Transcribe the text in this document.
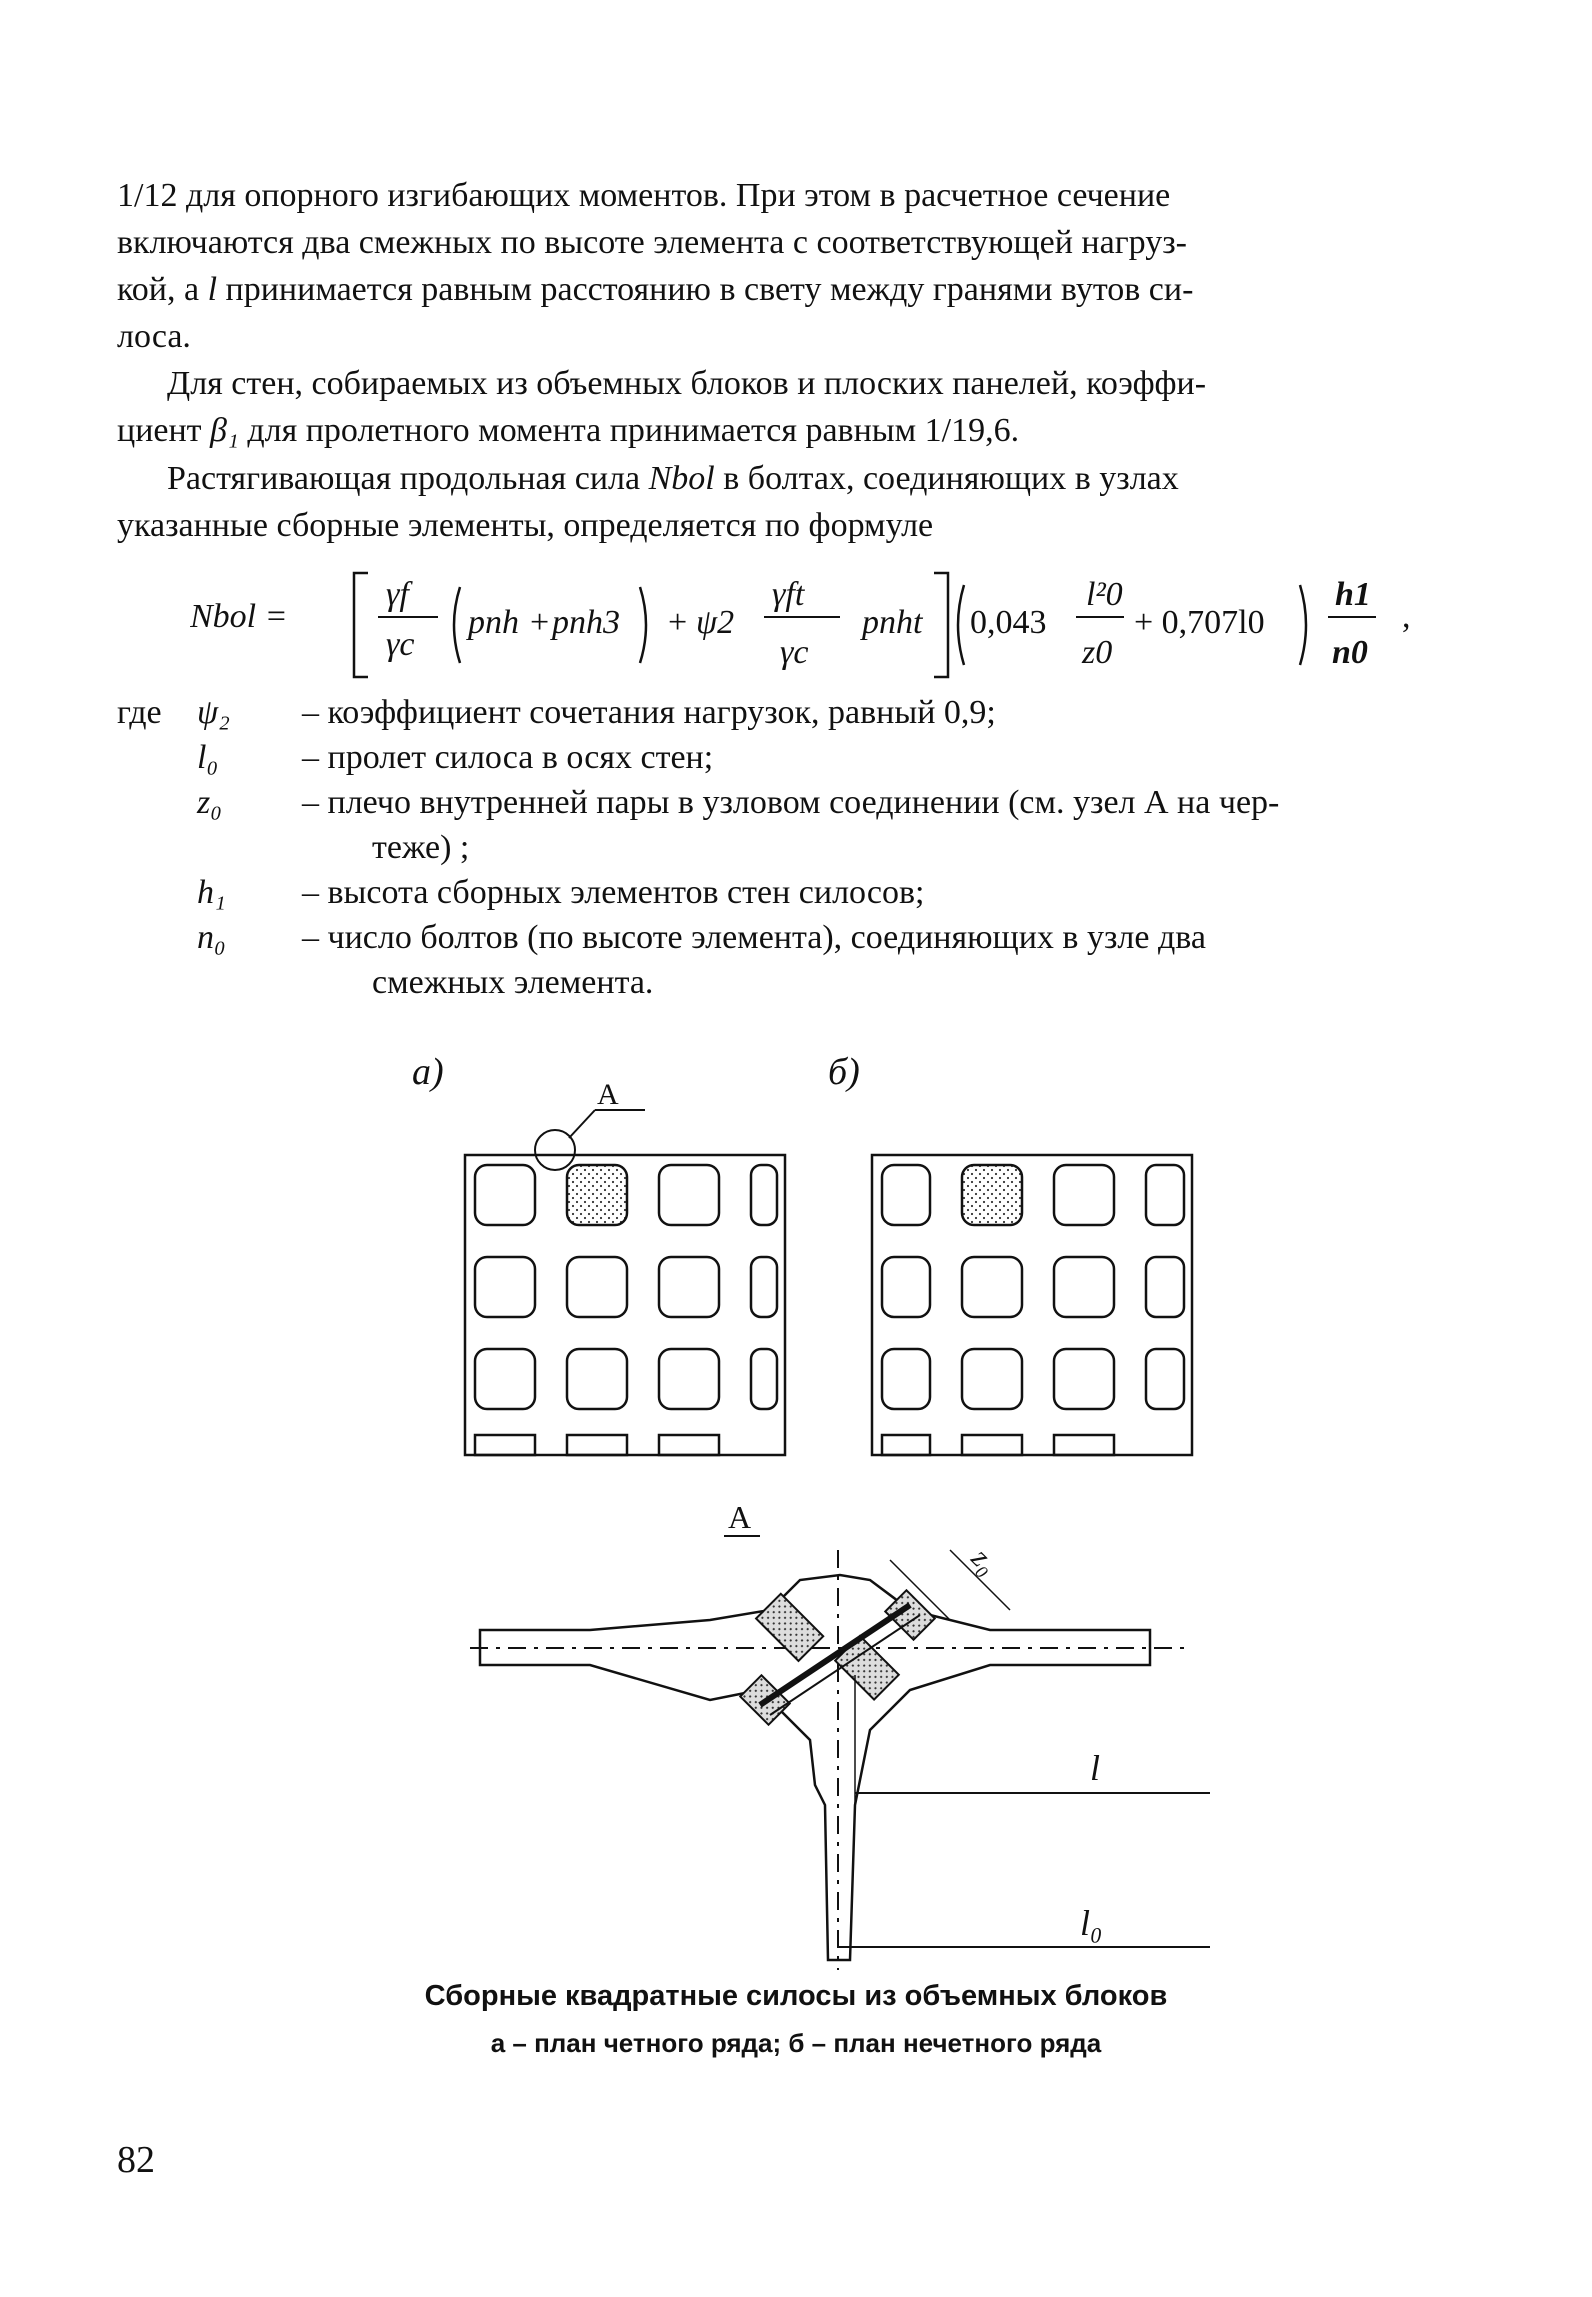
1/12 для опорного изгибающих моментов. При этом в расчетное сечение

включаются два смежных по высоте элемента с соответствующей нагруз-

кой, а l принимается равным расстоянию в свету между гранями вутов си-

лоса.

Для стен, собираемых из объемных блоков и плоских панелей, коэффи-

циент β₁ для пролетного момента принимается равным 1/19,6.

Растягивающая продольная сила Nbol в болтах, соединяющих в узлах

указанные сборные элементы, определяется по формуле

Nbol =
γf
γc
pnh + pnh3 + ψ2
γft
γc
pnht 0,043
l²0
z0
+ 0,707l0
h1
n0
,
где	ψ₂	– коэффициент сочетания нагрузок, равный 0,9;
l₀	– пролет силоса в осях стен;
z₀	– плечо внутренней пары в узловом соединении (см. узел А на чер-
теже) ;
h₁	– высота сборных элементов стен силосов;
n₀	– число болтов (по высоте элемента), соединяющих в узле два
смежных элемента.
а)	б)
А
А
z₀
l
l₀
Сборные квадратные силосы из объемных блоков
а – план четного ряда; б – план нечетного ряда
82
